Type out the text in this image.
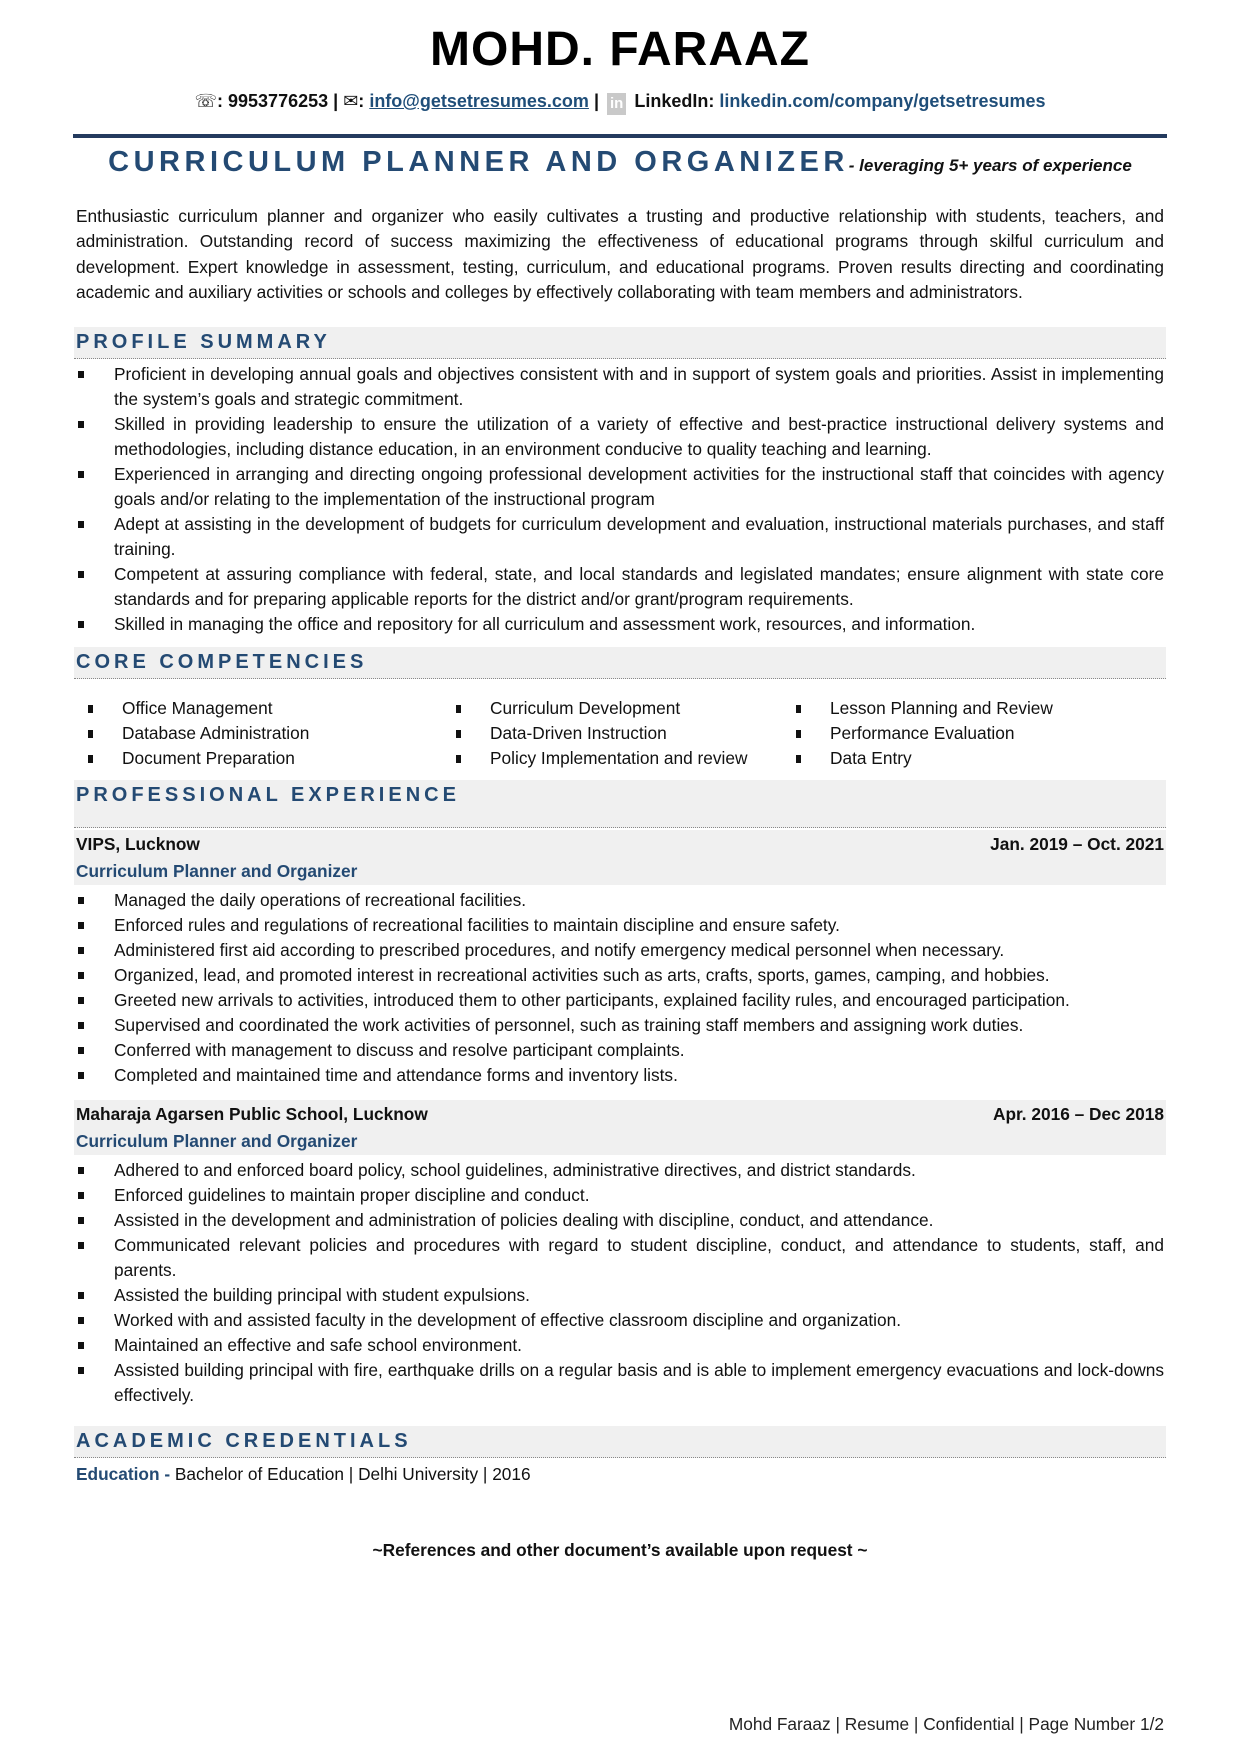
MOHD. FARAAZ
☏: 9953776253 | ✉: info@getsetresumes.com | in LinkedIn: linkedin.com/company/getsetresumes
CURRICULUM PLANNER AND ORGANIZER- leveraging 5+ years of experience
Enthusiastic curriculum planner and organizer who easily cultivates a trusting and productive relationship with students, teachers, and administration. Outstanding record of success maximizing the effectiveness of educational programs through skilful curriculum and development. Expert knowledge in assessment, testing, curriculum, and educational programs. Proven results directing and coordinating academic and auxiliary activities or schools and colleges by effectively collaborating with team members and administrators.
PROFILE SUMMARY
Proficient in developing annual goals and objectives consistent with and in support of system goals and priorities. Assist in implementing the system’s goals and strategic commitment.
Skilled in providing leadership to ensure the utilization of a variety of effective and best-practice instructional delivery systems and methodologies, including distance education, in an environment conducive to quality teaching and learning.
Experienced in arranging and directing ongoing professional development activities for the instructional staff that coincides with agency goals and/or relating to the implementation of the instructional program
Adept at assisting in the development of budgets for curriculum development and evaluation, instructional materials purchases, and staff training.
Competent at assuring compliance with federal, state, and local standards and legislated mandates; ensure alignment with state core standards and for preparing applicable reports for the district and/or grant/program requirements.
Skilled in managing the office and repository for all curriculum and assessment work, resources, and information.
CORE COMPETENCIES
Office Management	Curriculum Development	Lesson Planning and Review
Database Administration	Data-Driven Instruction	Performance Evaluation
Document Preparation	Policy Implementation and review	Data Entry
PROFESSIONAL EXPERIENCE
VIPS, Lucknow	Jan. 2019 – Oct. 2021
Curriculum Planner and Organizer
Managed the daily operations of recreational facilities.
Enforced rules and regulations of recreational facilities to maintain discipline and ensure safety.
Administered first aid according to prescribed procedures, and notify emergency medical personnel when necessary.
Organized, lead, and promoted interest in recreational activities such as arts, crafts, sports, games, camping, and hobbies.
Greeted new arrivals to activities, introduced them to other participants, explained facility rules, and encouraged participation.
Supervised and coordinated the work activities of personnel, such as training staff members and assigning work duties.
Conferred with management to discuss and resolve participant complaints.
Completed and maintained time and attendance forms and inventory lists.
Maharaja Agarsen Public School, Lucknow	Apr. 2016 – Dec 2018
Curriculum Planner and Organizer
Adhered to and enforced board policy, school guidelines, administrative directives, and district standards.
Enforced guidelines to maintain proper discipline and conduct.
Assisted in the development and administration of policies dealing with discipline, conduct, and attendance.
Communicated relevant policies and procedures with regard to student discipline, conduct, and attendance to students, staff, and parents.
Assisted the building principal with student expulsions.
Worked with and assisted faculty in the development of effective classroom discipline and organization.
Maintained an effective and safe school environment.
Assisted building principal with fire, earthquake drills on a regular basis and is able to implement emergency evacuations and lock-downs effectively.
ACADEMIC CREDENTIALS
Education - Bachelor of Education | Delhi University | 2016
~References and other document’s available upon request ~
Mohd Faraaz | Resume | Confidential | Page Number 1/2
